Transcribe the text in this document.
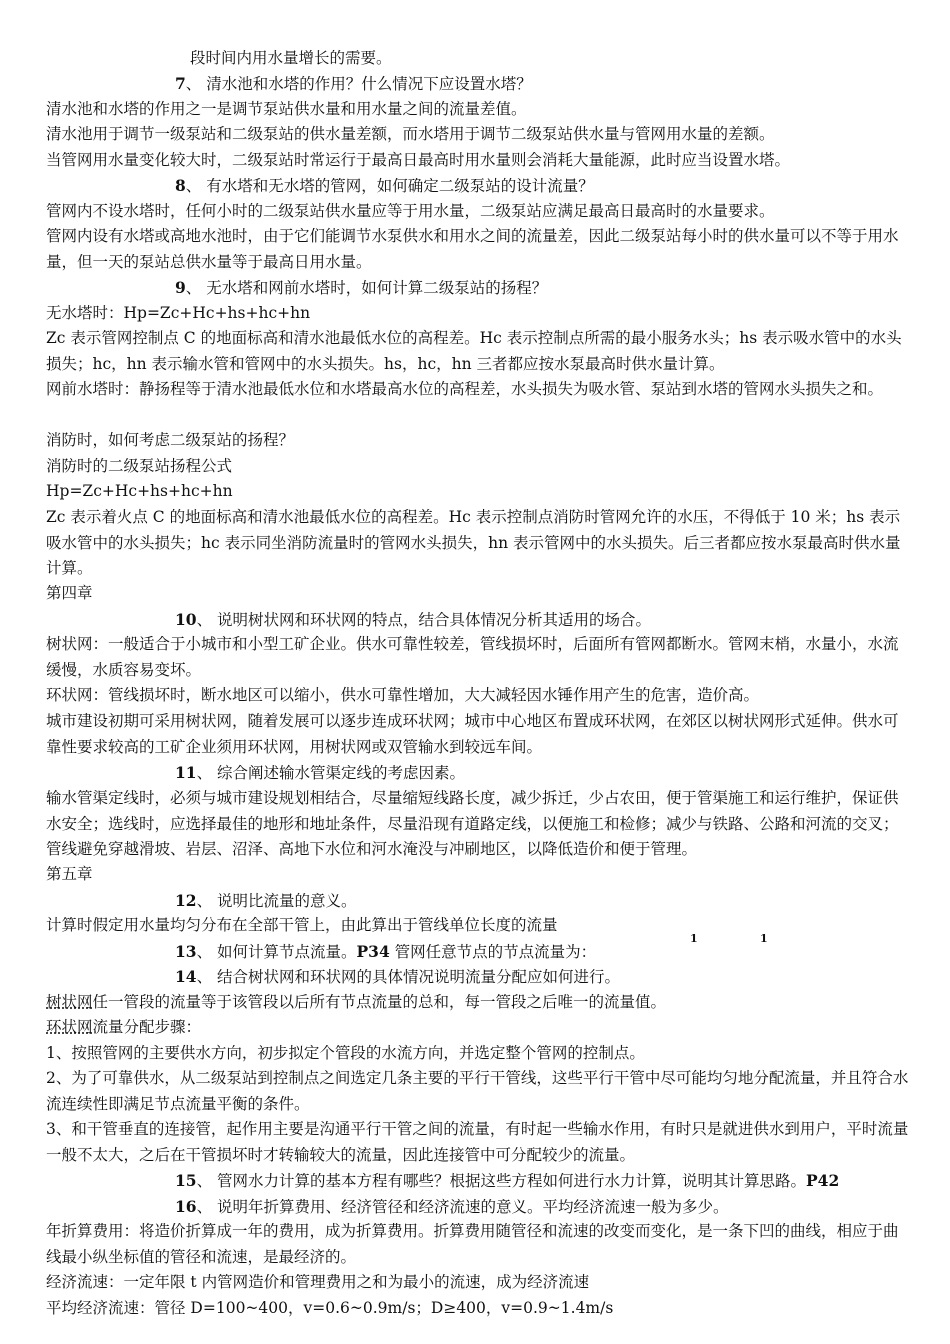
段时间内用水量增长的需要。
7、 清水池和水塔的作用？什么情况下应设置水塔？
清水池和水塔的作用之一是调节泵站供水量和用水量之间的流量差值。
清水池用于调节一级泵站和二级泵站的供水量差额，而水塔用于调节二级泵站供水量与管网用水量的差额。
当管网用水量变化较大时，二级泵站时常运行于最高日最高时用水量则会消耗大量能源，此时应当设置水塔。
8、 有水塔和无水塔的管网，如何确定二级泵站的设计流量？
管网内不设水塔时，任何小时的二级泵站供水量应等于用水量，二级泵站应满足最高日最高时的水量要求。
管网内设有水塔或高地水池时，由于它们能调节水泵供水和用水之间的流量差，因此二级泵站每小时的供水量可以不等于用水量，但一天的泵站总供水量等于最高日用水量。
9、 无水塔和网前水塔时，如何计算二级泵站的扬程？
无水塔时：Hp=Zc+Hc+hs+hc+hn
Zc 表示管网控制点 C 的地面标高和清水池最低水位的高程差。Hc 表示控制点所需的最小服务水头；hs 表示吸水管中的水头损失；hc，hn 表示输水管和管网中的水头损失。hs，hc，hn 三者都应按水泵最高时供水量计算。
网前水塔时：静扬程等于清水池最低水位和水塔最高水位的高程差，水头损失为吸水管、泵站到水塔的管网水头损失之和。
消防时，如何考虑二级泵站的扬程？
消防时的二级泵站扬程公式
Hp=Zc+Hc+hs+hc+hn
Zc 表示着火点 C 的地面标高和清水池最低水位的高程差。Hc 表示控制点消防时管网允许的水压，不得低于 10 米；hs 表示吸水管中的水头损失；hc 表示同坐消防流量时的管网水头损失，hn 表示管网中的水头损失。后三者都应按水泵最高时供水量计算。
第四章
10、 说明树状网和环状网的特点，结合具体情况分析其适用的场合。
树状网：一般适合于小城市和小型工矿企业。供水可靠性较差，管线损坏时，后面所有管网都断水。管网末梢，水量小，水流缓慢，水质容易变坏。
环状网：管线损坏时，断水地区可以缩小，供水可靠性增加，大大减轻因水锤作用产生的危害，造价高。
城市建设初期可采用树状网，随着发展可以逐步连成环状网；城市中心地区布置成环状网，在郊区以树状网形式延伸。供水可靠性要求较高的工矿企业须用环状网，用树状网或双管输水到较远车间。
11、 综合阐述输水管渠定线的考虑因素。
输水管渠定线时，必须与城市建设规划相结合，尽量缩短线路长度，减少拆迁，少占农田，便于管渠施工和运行维护，保证供水安全；选线时，应选择最佳的地形和地址条件，尽量沿现有道路定线，以便施工和检修；减少与铁路、公路和河流的交叉；管线避免穿越滑坡、岩层、沼泽、高地下水位和河水淹没与冲刷地区，以降低造价和便于管理。
第五章
12、 说明比流量的意义。
计算时假定用水量均匀分布在全部干管上，由此算出于管线单位长度的流量
13、 如何计算节点流量。P34 管网任意节点的节点流量为：
1	1
14、 结合树状网和环状网的具体情况说明流量分配应如何进行。
树状网任一管段的流量等于该管段以后所有节点流量的总和，每一管段之后唯一的流量值。
环状网流量分配步骤：
1、按照管网的主要供水方向，初步拟定个管段的水流方向，并选定整个管网的控制点。
2、为了可靠供水，从二级泵站到控制点之间选定几条主要的平行干管线，这些平行干管中尽可能均匀地分配流量，并且符合水流连续性即满足节点流量平衡的条件。
3、和干管垂直的连接管，起作用主要是沟通平行干管之间的流量，有时起一些输水作用，有时只是就进供水到用户，平时流量一般不太大，之后在干管损坏时才转输较大的流量，因此连接管中可分配较少的流量。
15、 管网水力计算的基本方程有哪些？根据这些方程如何进行水力计算，说明其计算思路。P42
16、 说明年折算费用、经济管径和经济流速的意义。平均经济流速一般为多少。
年折算费用：将造价折算成一年的费用，成为折算费用。折算费用随管径和流速的改变而变化，是一条下凹的曲线，相应于曲线最小纵坐标值的管径和流速，是最经济的。
经济流速：一定年限 t 内管网造价和管理费用之和为最小的流速，成为经济流速
平均经济流速：管径 D=100~400，v=0.6~0.9m/s；D≥400，v=0.9~1.4m/s
